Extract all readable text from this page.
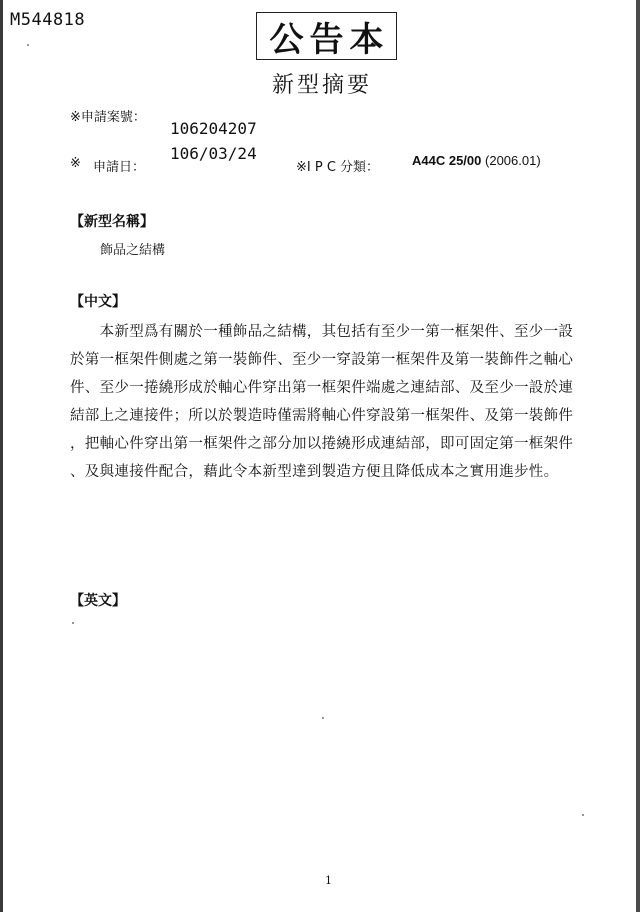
M544818	公告本
新型摘要
※申請案號：
106204207
※ 申請日：
106/03/24
※I P C 分類：	A44C 25/00 (2006.01)
【新型名稱】
飾品之結構
【中文】
　　本新型爲有關於一種飾品之結構，其包括有至少一第一框架件、至少一設
於第一框架件側處之第一裝飾件、至少一穿設第一框架件及第一裝飾件之軸心
件、至少一捲繞形成於軸心件穿出第一框架件端處之連結部、及至少一設於連
結部上之連接件；所以於製造時僅需將軸心件穿設第一框架件、及第一裝飾件
，把軸心件穿出第一框架件之部分加以捲繞形成連結部，即可固定第一框架件
、及與連接件配合，藉此令本新型達到製造方便且降低成本之實用進步性。
【英文】
1
